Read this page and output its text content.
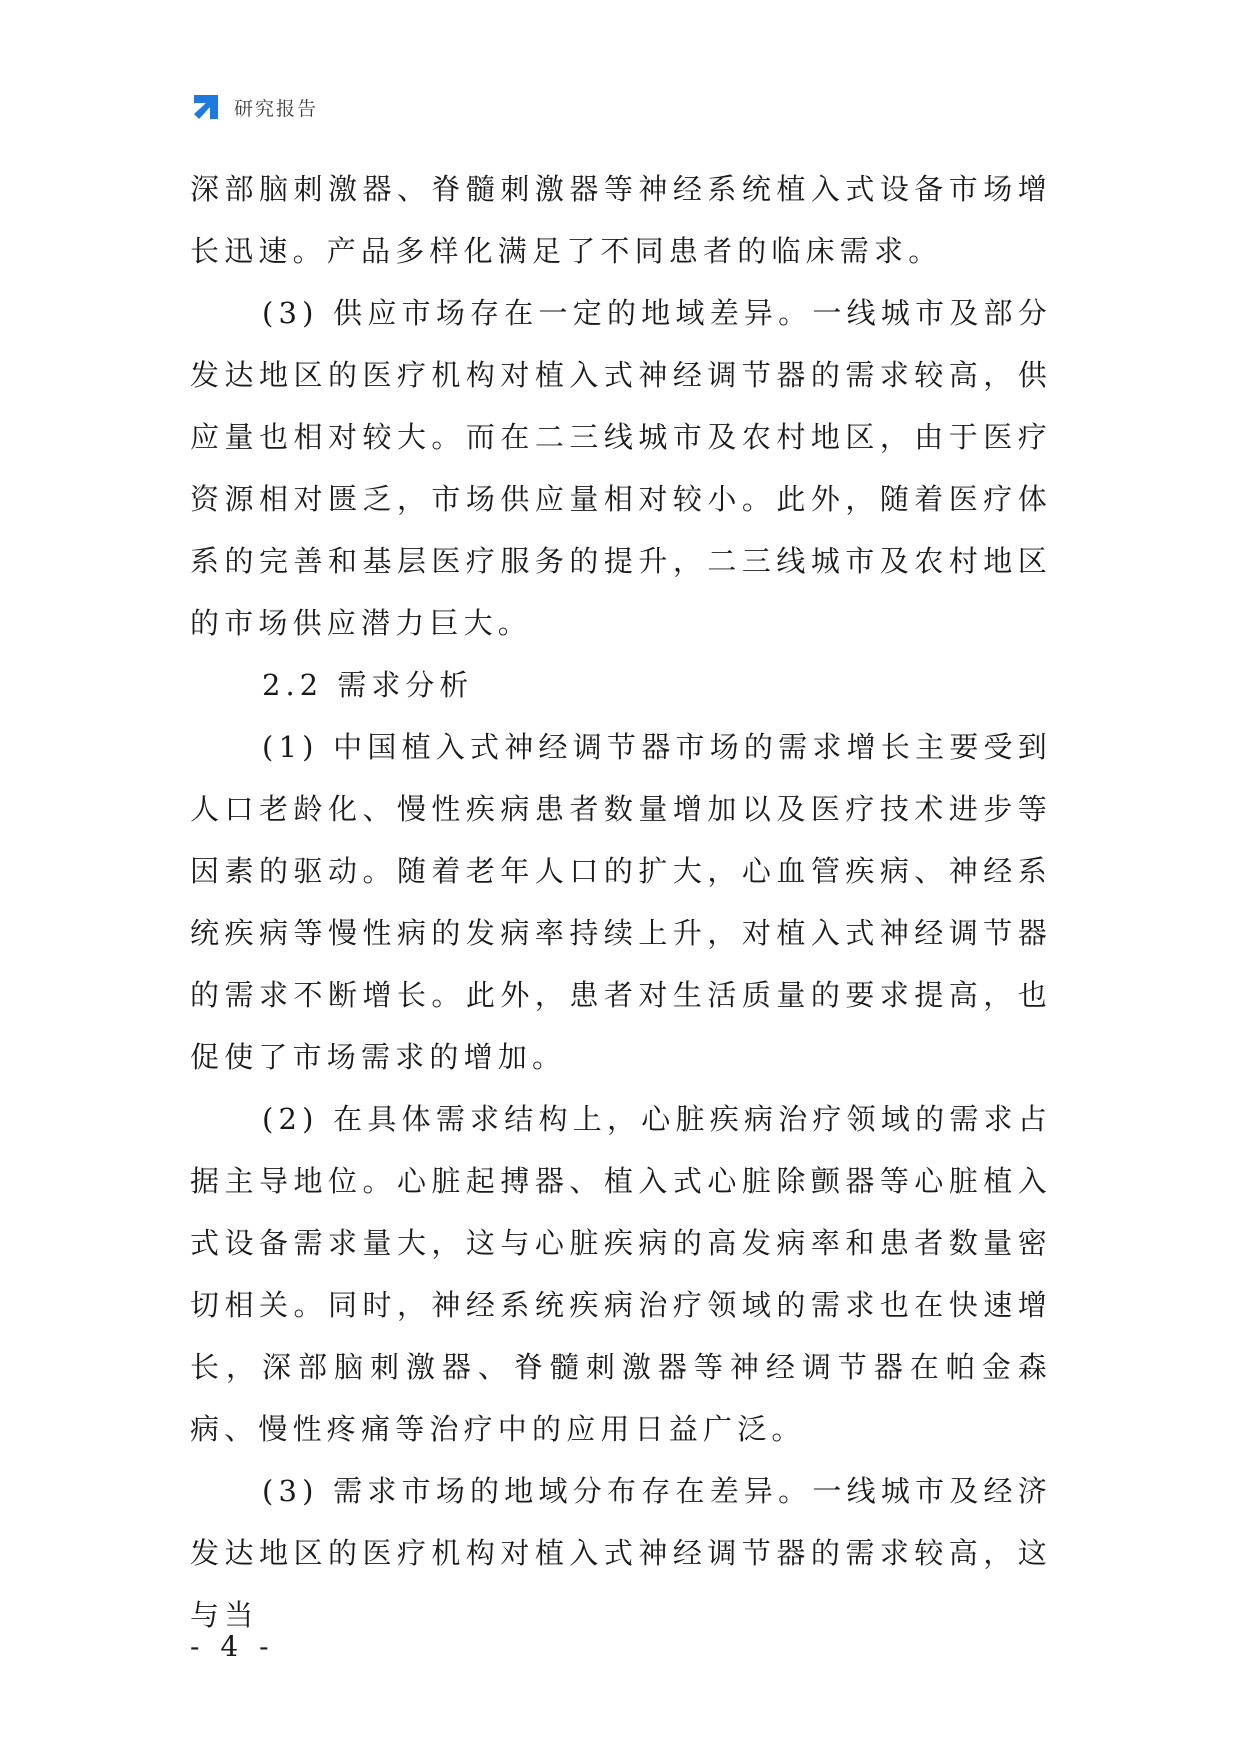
研究报告

深部脑刺激器、脊髓刺激器等神经系统植入式设备市场增长迅速。产品多样化满足了不同患者的临床需求。

(3) 供应市场存在一定的地域差异。一线城市及部分发达地区的医疗机构对植入式神经调节器的需求较高，供应量也相对较大。而在二三线城市及农村地区，由于医疗资源相对匮乏，市场供应量相对较小。此外，随着医疗体系的完善和基层医疗服务的提升，二三线城市及农村地区的市场供应潜力巨大。

2.2 需求分析

(1) 中国植入式神经调节器市场的需求增长主要受到人口老龄化、慢性疾病患者数量增加以及医疗技术进步等因素的驱动。随着老年人口的扩大，心血管疾病、神经系统疾病等慢性病的发病率持续上升，对植入式神经调节器的需求不断增长。此外，患者对生活质量的要求提高，也促使了市场需求的增加。

(2) 在具体需求结构上，心脏疾病治疗领域的需求占据主导地位。心脏起搏器、植入式心脏除颤器等心脏植入式设备需求量大，这与心脏疾病的高发病率和患者数量密切相关。同时，神经系统疾病治疗领域的需求也在快速增长，深部脑刺激器、脊髓刺激器等神经调节器在帕金森病、慢性疼痛等治疗中的应用日益广泛。

(3) 需求市场的地域分布存在差异。一线城市及经济发达地区的医疗机构对植入式神经调节器的需求较高，这与当

- 4 -
